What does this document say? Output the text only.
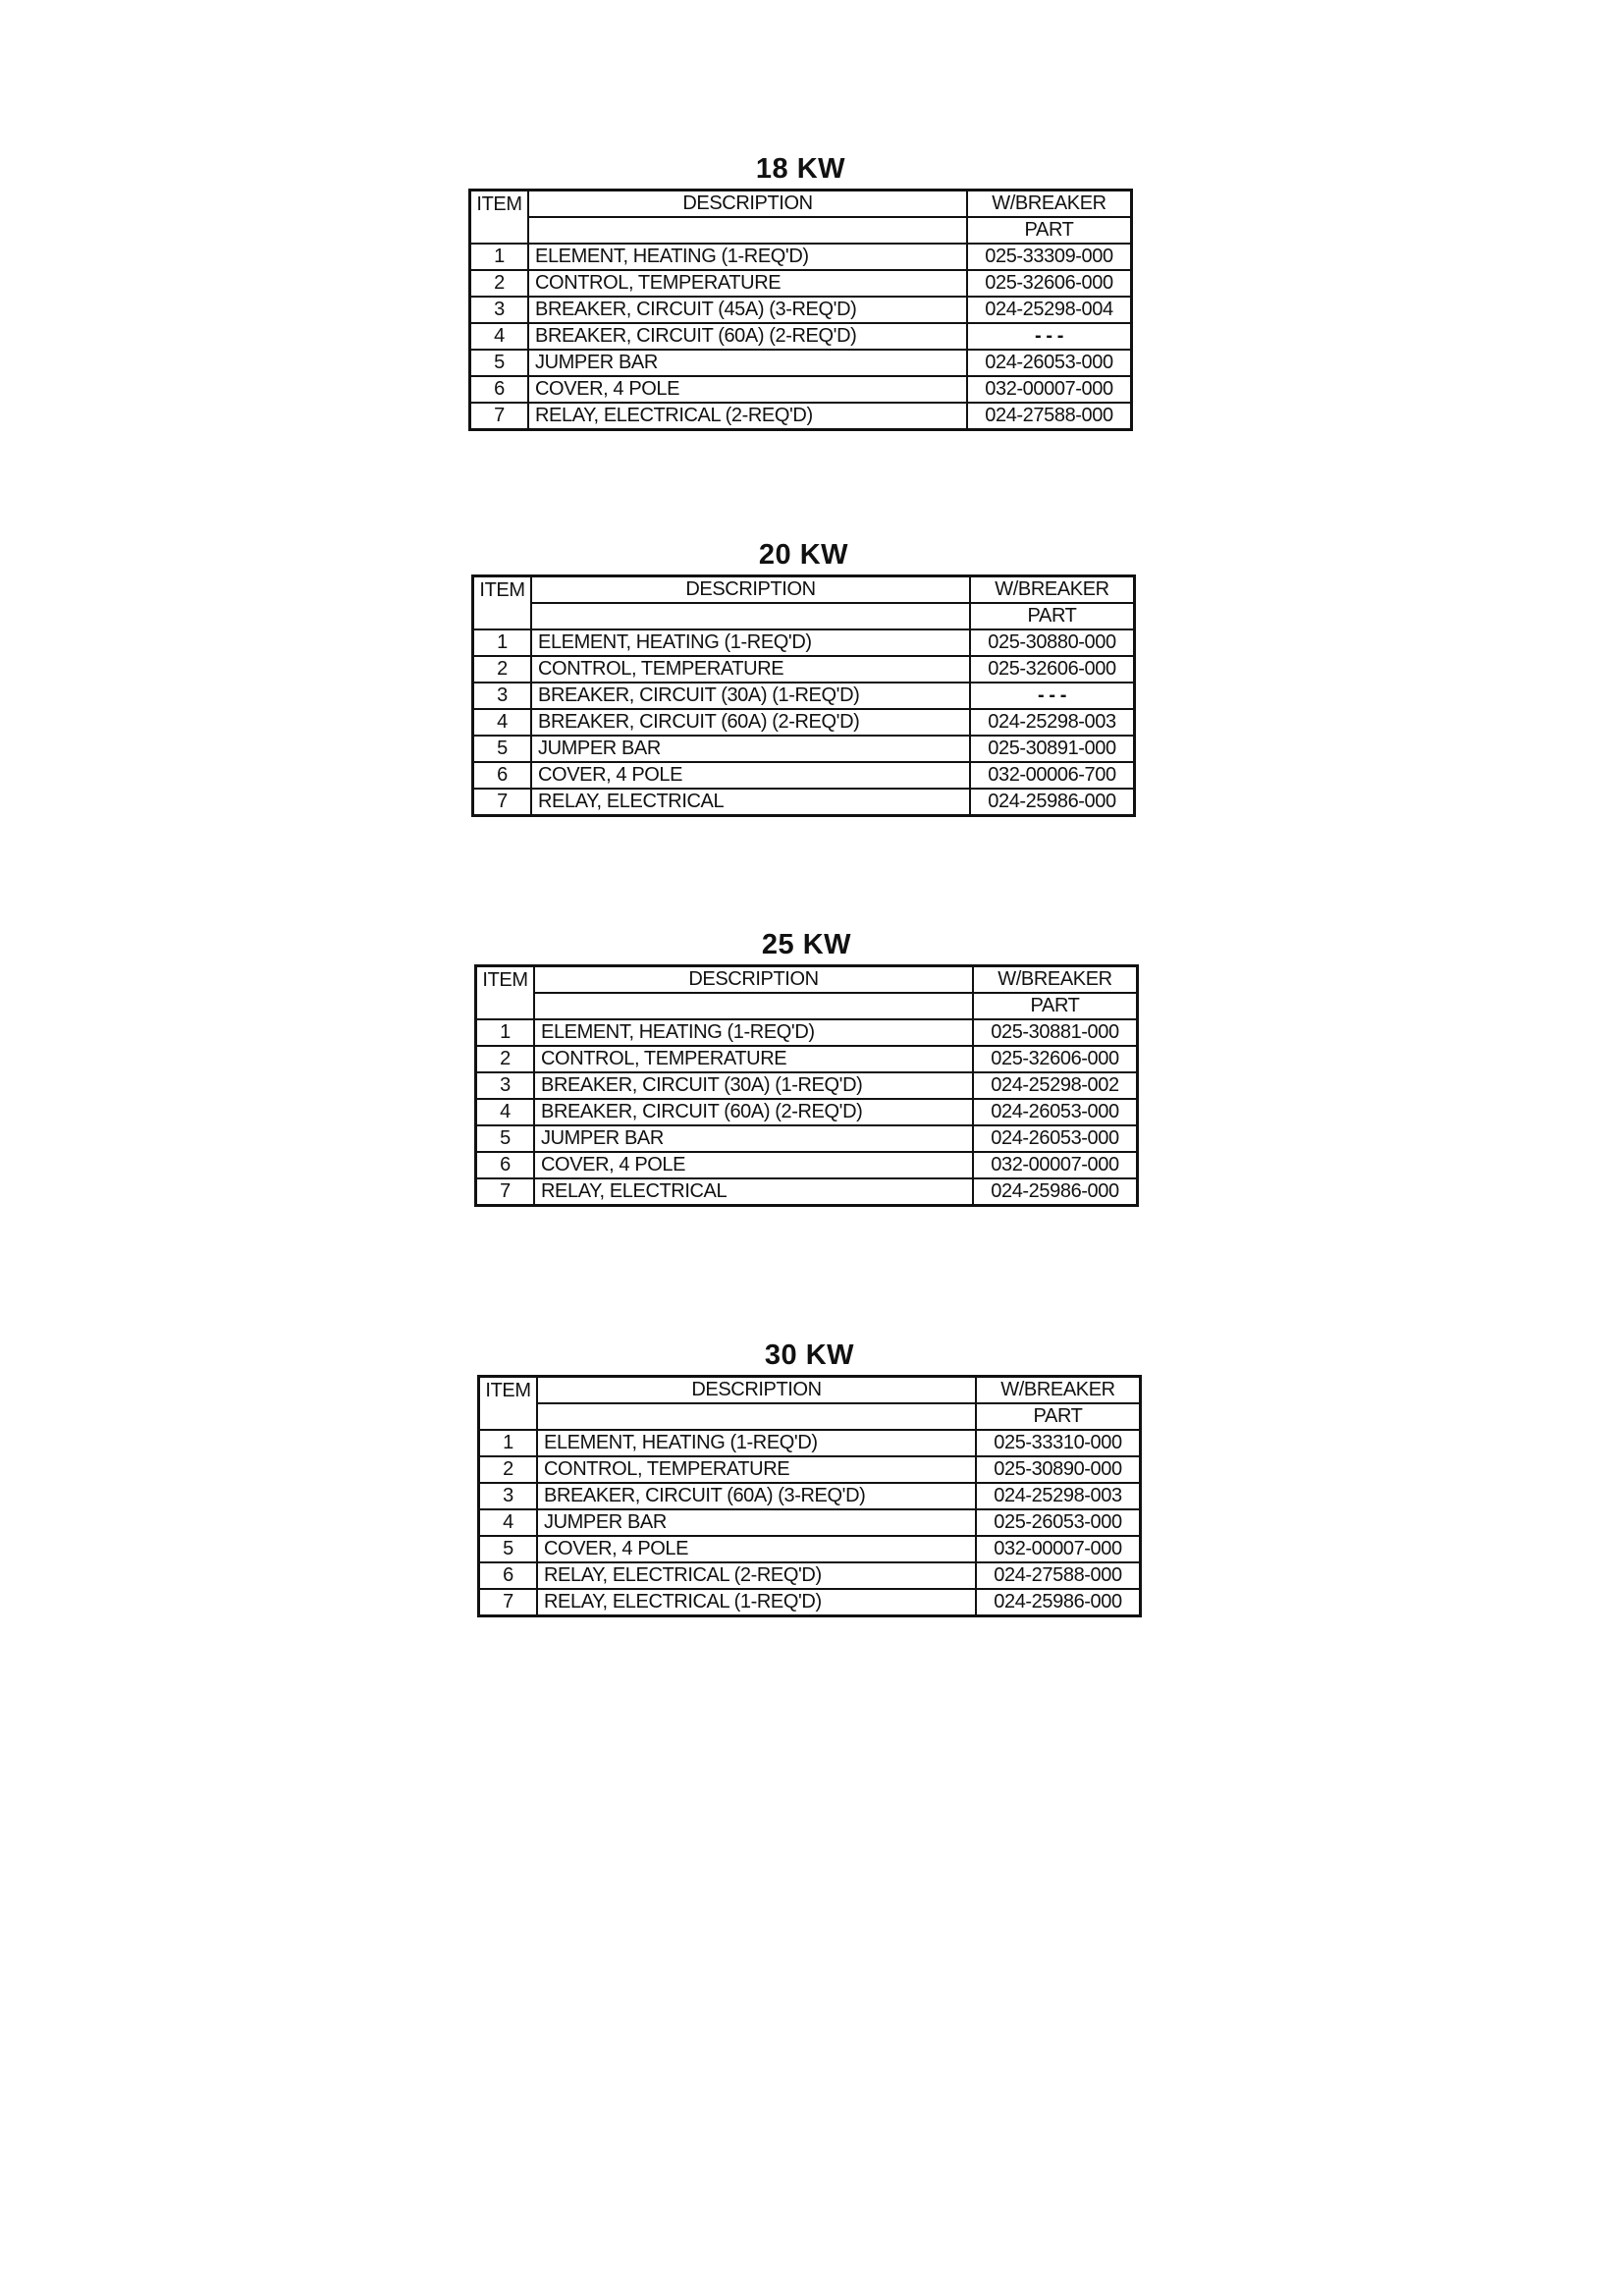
18 KW
ITEM	DESCRIPTION	W/BREAKER
		PART
1	ELEMENT, HEATING (1-REQ'D)	025-33309-000
2	CONTROL, TEMPERATURE	025-32606-000
3	BREAKER, CIRCUIT (45A) (3-REQ'D)	024-25298-004
4	BREAKER, CIRCUIT (60A) (2-REQ'D)	- - -
5	JUMPER BAR	024-26053-000
6	COVER, 4 POLE	032-00007-000
7	RELAY, ELECTRICAL (2-REQ'D)	024-27588-000
20 KW
ITEM	DESCRIPTION	W/BREAKER
		PART
1	ELEMENT, HEATING (1-REQ'D)	025-30880-000
2	CONTROL, TEMPERATURE	025-32606-000
3	BREAKER, CIRCUIT (30A) (1-REQ'D)	- - -
4	BREAKER, CIRCUIT (60A) (2-REQ'D)	024-25298-003
5	JUMPER BAR	025-30891-000
6	COVER, 4 POLE	032-00006-700
7	RELAY, ELECTRICAL	024-25986-000
25 KW
ITEM	DESCRIPTION	W/BREAKER
		PART
1	ELEMENT, HEATING (1-REQ'D)	025-30881-000
2	CONTROL, TEMPERATURE	025-32606-000
3	BREAKER, CIRCUIT (30A) (1-REQ'D)	024-25298-002
4	BREAKER, CIRCUIT (60A) (2-REQ'D)	024-26053-000
5	JUMPER BAR	024-26053-000
6	COVER, 4 POLE	032-00007-000
7	RELAY, ELECTRICAL	024-25986-000
30 KW
ITEM	DESCRIPTION	W/BREAKER
		PART
1	ELEMENT, HEATING (1-REQ'D)	025-33310-000
2	CONTROL, TEMPERATURE	025-30890-000
3	BREAKER, CIRCUIT (60A) (3-REQ'D)	024-25298-003
4	JUMPER BAR	025-26053-000
5	COVER, 4 POLE	032-00007-000
6	RELAY, ELECTRICAL (2-REQ'D)	024-27588-000
7	RELAY, ELECTRICAL (1-REQ'D)	024-25986-000
